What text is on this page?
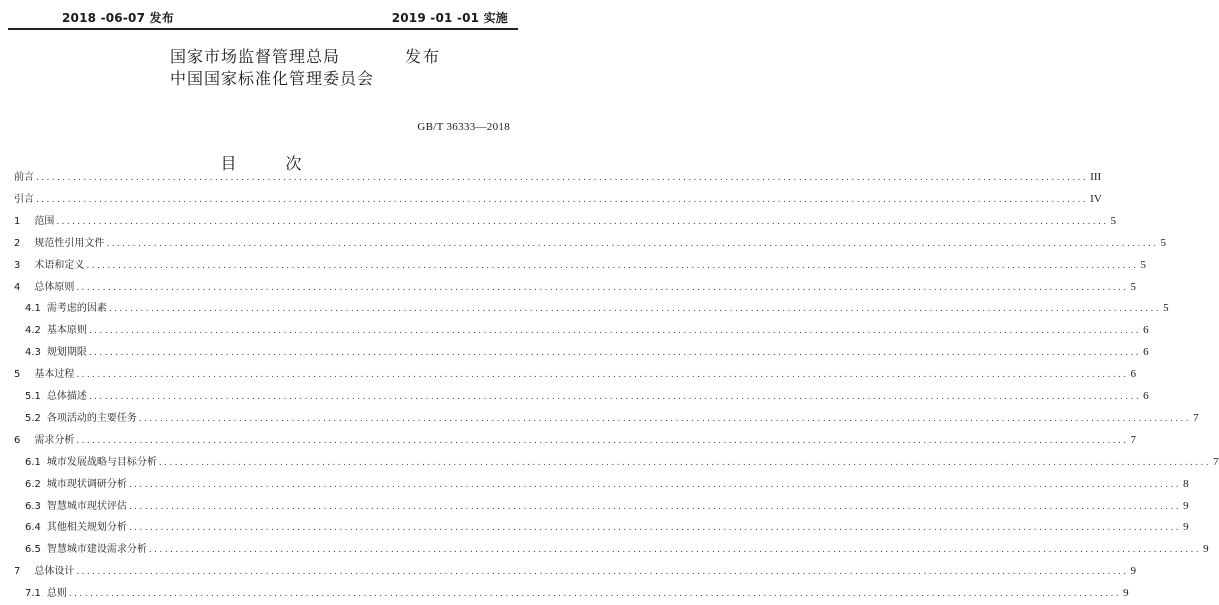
2018 -06-07 发布	2019 -01 -01 实施
国家市场监督管理总局
中国国家标准化管理委员会
发布
GB/T 36333—2018
目 次
前言 ........................................................................................................................................................................................................ III
引言 ........................................................................................................................................................................................................ IV
1 范围 ........................................................................................................................................................................................................ 5
2 规范性引用文件 ........................................................................................................................................................................................................ 5
3 术语和定义 ........................................................................................................................................................................................................ 5
4 总体原则 ........................................................................................................................................................................................................ 5
4.1 需考虑的因素 ........................................................................................................................................................................................................ 5
4.2 基本原则 ........................................................................................................................................................................................................ 6
4.3 规划期限 ........................................................................................................................................................................................................ 6
5 基本过程 ........................................................................................................................................................................................................ 6
5.1 总体描述 ........................................................................................................................................................................................................ 6
5.2 各项活动的主要任务 ........................................................................................................................................................................................................ 7
6 需求分析 ........................................................................................................................................................................................................ 7
6.1 城市发展战略与目标分析 ........................................................................................................................................................................................................ 7
6.2 城市现状调研分析 ........................................................................................................................................................................................................ 8
6.3 智慧城市现状评估 ........................................................................................................................................................................................................ 9
6.4 其他相关规划分析 ........................................................................................................................................................................................................ 9
6.5 智慧城市建设需求分析 ........................................................................................................................................................................................................ 9
7 总体设计 ........................................................................................................................................................................................................ 9
7.1 总则 ........................................................................................................................................................................................................ 9
